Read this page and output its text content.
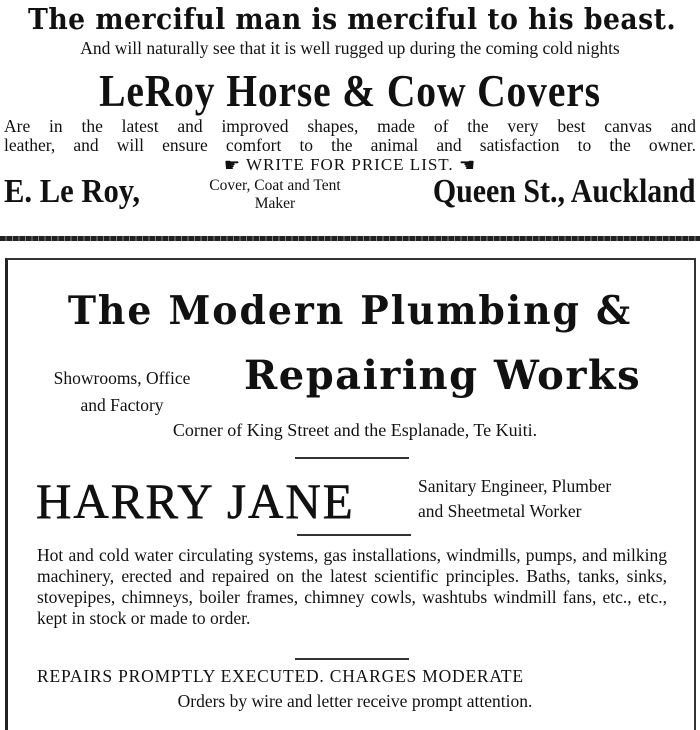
The merciful man is merciful to his beast.
And will naturally see that it is well rugged up during the coming cold nights
LeRoy Horse & Cow Covers
Are in the latest and improved shapes, made of the very best canvas and
leather, and will ensure comfort to the animal and satisfaction to the owner.
☛ WRITE FOR PRICE LIST. ☚
E. Le Roy,	Cover, Coat and Tent
Maker	Queen St., Auckland
The Modern Plumbing &
Showrooms, Office
and Factory
Repairing Works
Corner of King Street and the Esplanade, Te Kuiti.
HARRY JANE	Sanitary Engineer, Plumber
and Sheetmetal Worker
Hot and cold water circulating systems, gas installations, windmills, pumps, and milking machinery, erected and repaired on the latest scientific principles. Baths, tanks, sinks, stovepipes, chimneys, boiler frames, chimney cowls, washtubs windmill fans, etc., etc., kept in stock or made to order.
REPAIRS PROMPTLY EXECUTED. CHARGES MODERATE
Orders by wire and letter receive prompt attention.
